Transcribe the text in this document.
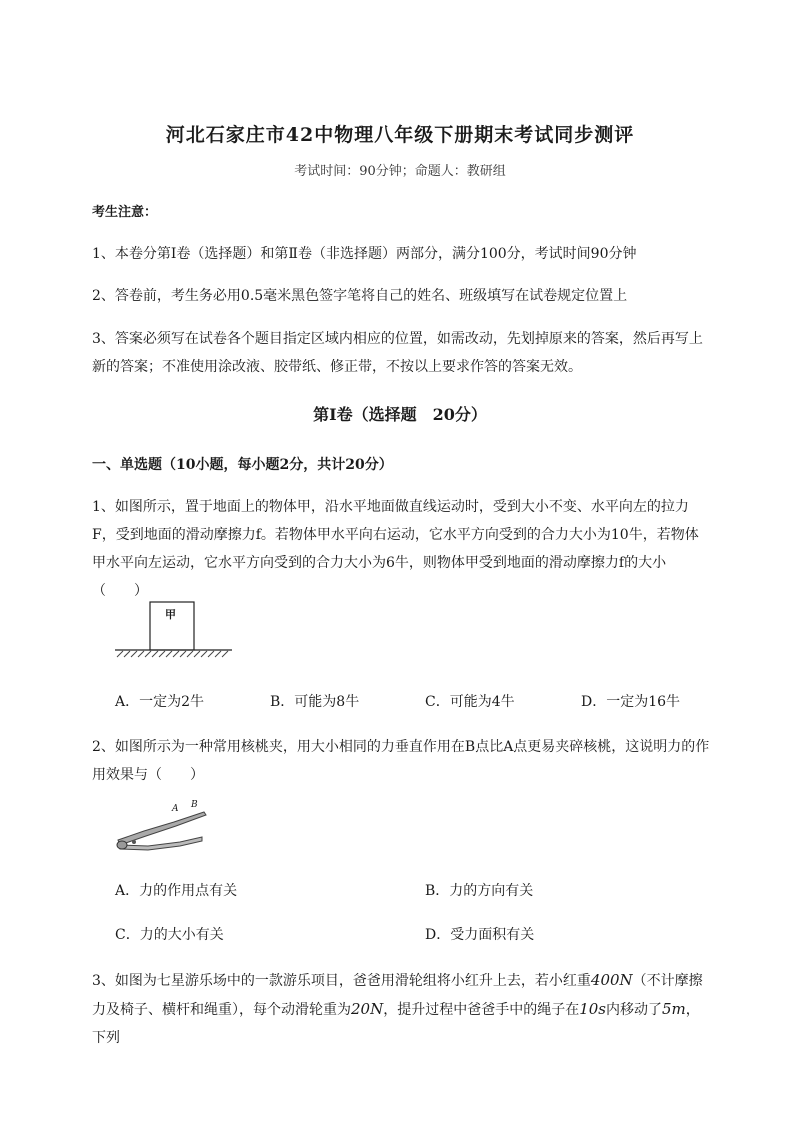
河北石家庄市42中物理八年级下册期末考试同步测评
考试时间：90分钟；命题人：教研组
考生注意：
1、本卷分第I卷（选择题）和第Ⅱ卷（非选择题）两部分，满分100分，考试时间90分钟
2、答卷前，考生务必用0.5毫米黑色签字笔将自己的姓名、班级填写在试卷规定位置上
3、答案必须写在试卷各个题目指定区域内相应的位置，如需改动，先划掉原来的答案，然后再写上新的答案；不准使用涂改液、胶带纸、修正带，不按以上要求作答的答案无效。
第I卷（选择题　20分）
一、单选题（10小题，每小题2分，共计20分）
1、如图所示，置于地面上的物体甲，沿水平地面做直线运动时，受到大小不变、水平向左的拉力F，受到地面的滑动摩擦力f。若物体甲水平向右运动，它水平方向受到的合力大小为10牛，若物体甲水平向左运动，它水平方向受到的合力大小为6牛，则物体甲受到地面的滑动摩擦力f的大小（　　）
甲
A．一定为2牛	B．可能为8牛	C．可能为4牛	D．一定为16牛
2、如图所示为一种常用核桃夹，用大小相同的力垂直作用在B点比A点更易夹碎核桃，这说明力的作用效果与（　　）
A B
A．力的作用点有关	B．力的方向有关
C．力的大小有关	D．受力面积有关
3、如图为七星游乐场中的一款游乐项目，爸爸用滑轮组将小红升上去，若小红重400N（不计摩擦力及椅子、横杆和绳重），每个动滑轮重为20N，提升过程中爸爸手中的绳子在10s内移动了5m，下列
